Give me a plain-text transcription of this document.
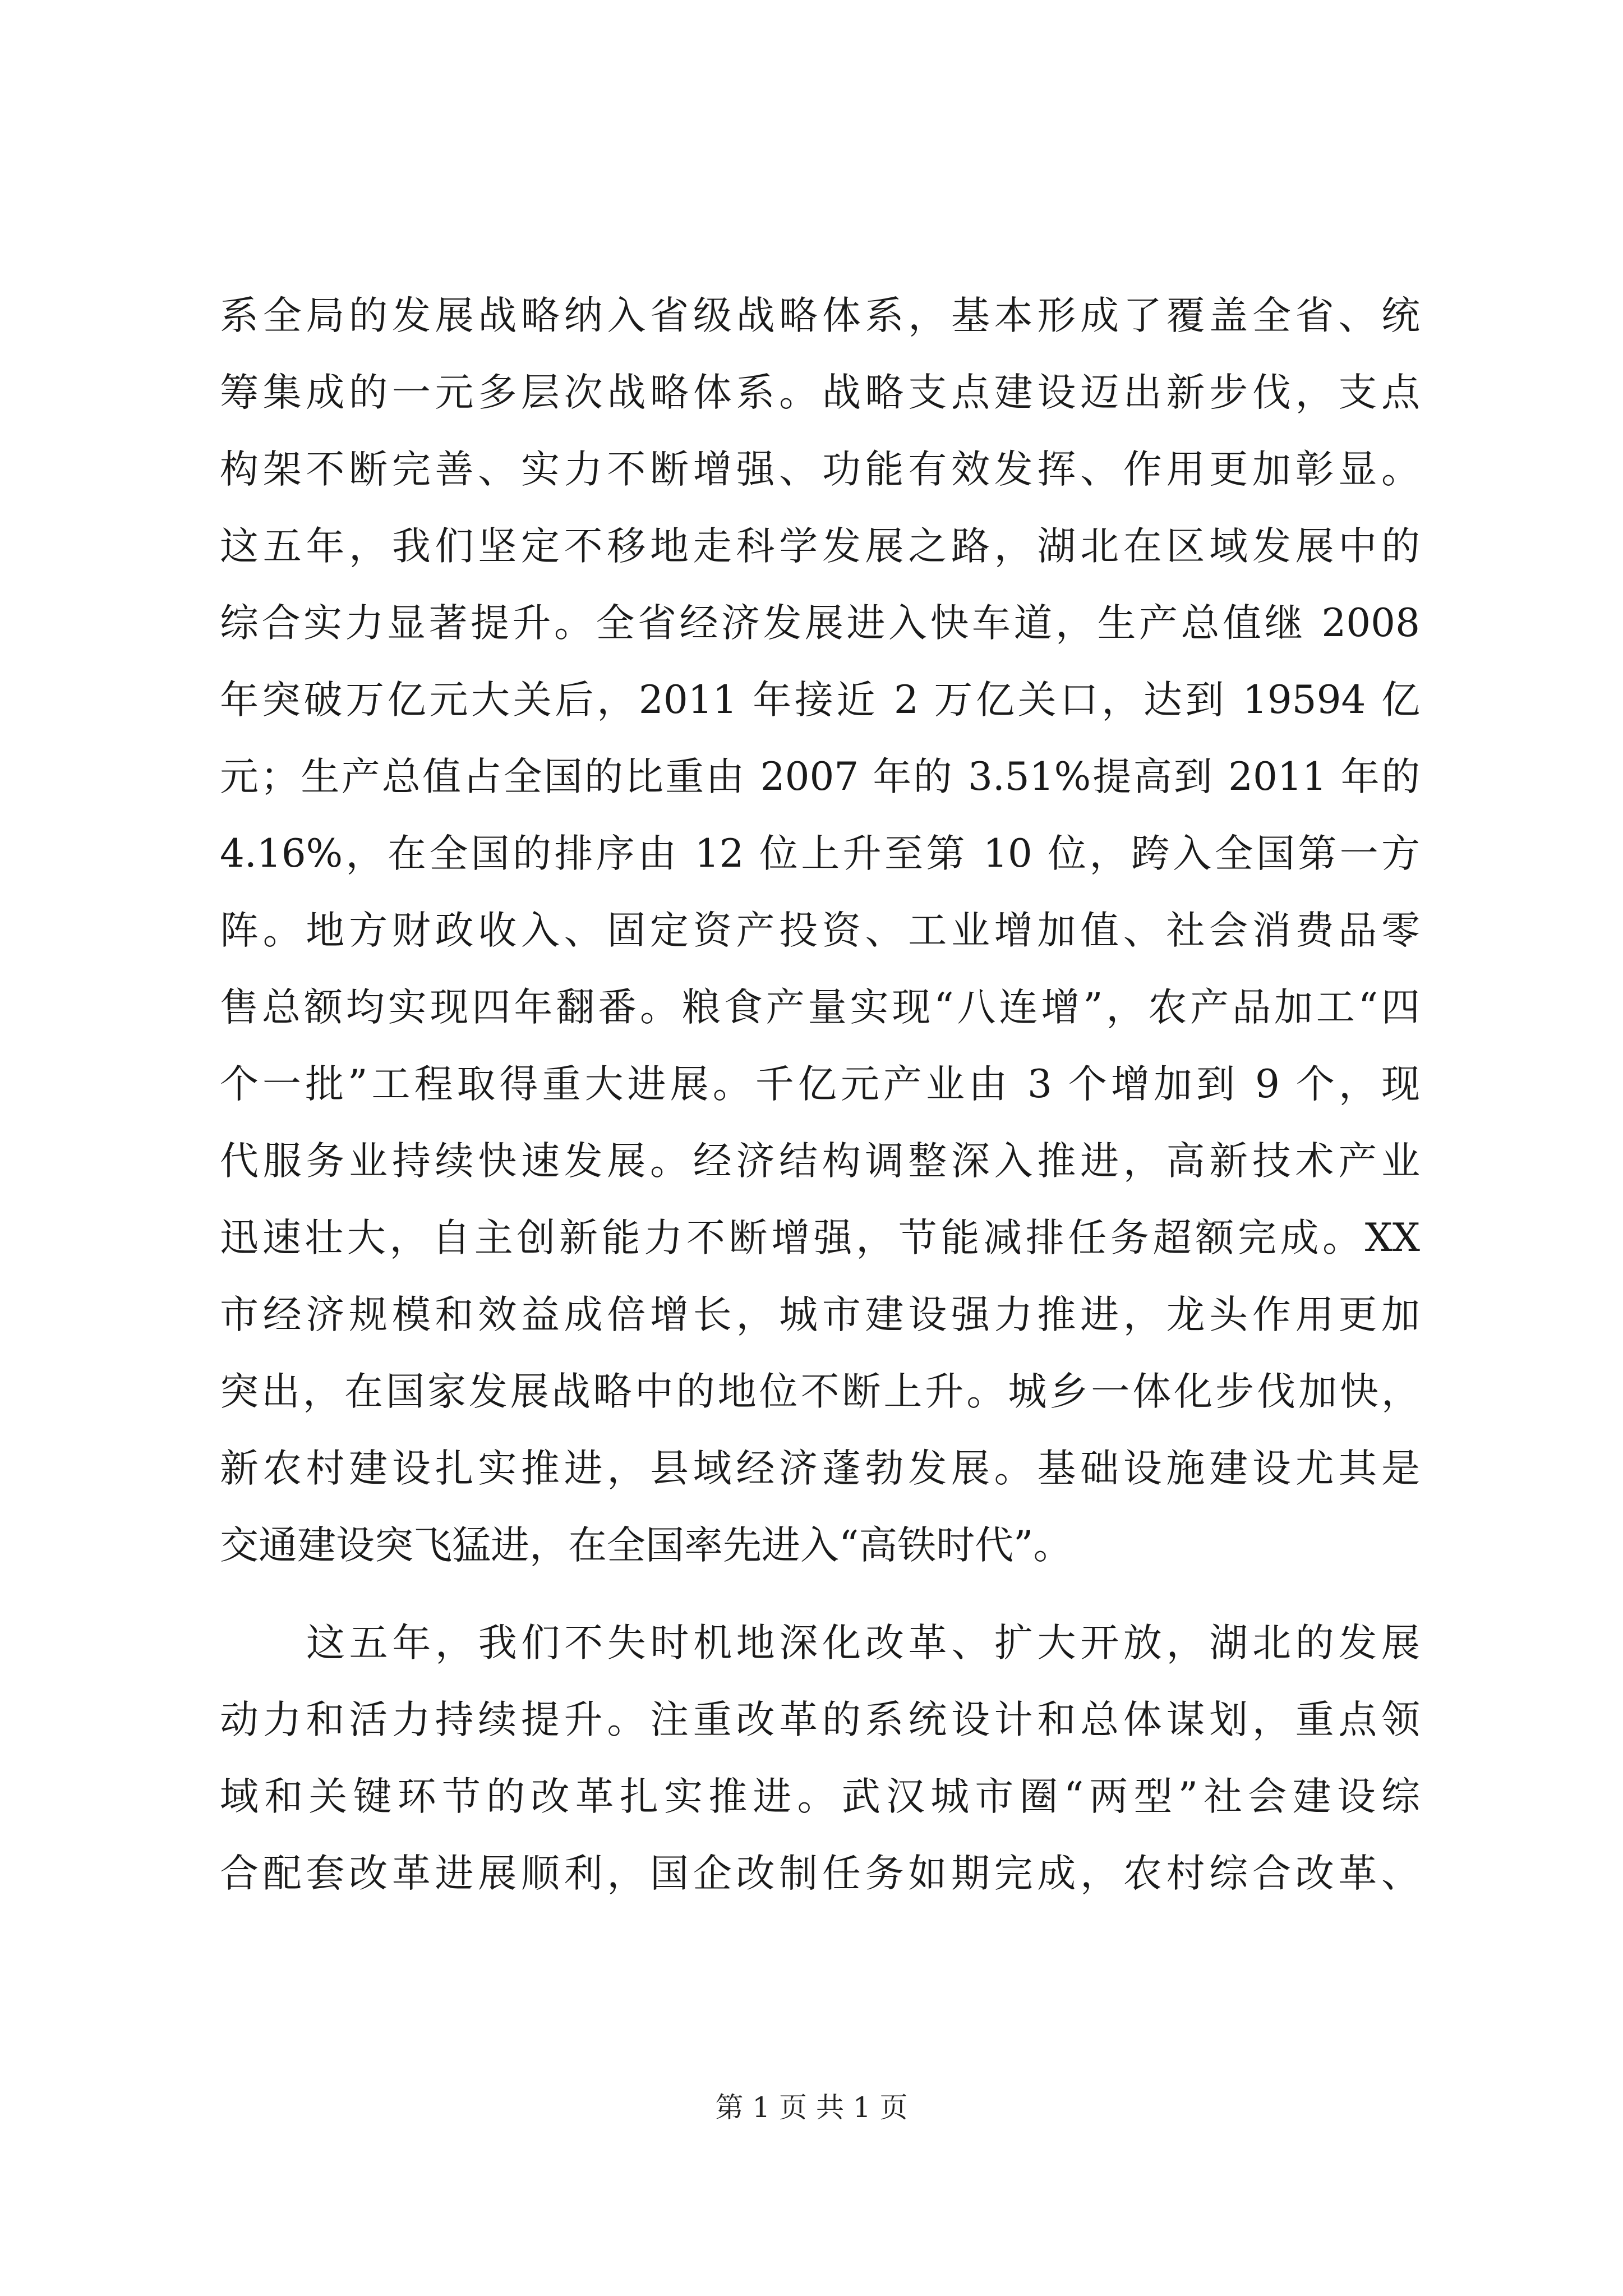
系全局的发展战略纳入省级战略体系，基本形成了覆盖全省、统
筹集成的一元多层次战略体系。战略支点建设迈出新步伐，支点
构架不断完善、实力不断增强、功能有效发挥、作用更加彰显。
这五年，我们坚定不移地走科学发展之路，湖北在区域发展中的
综合实力显著提升。全省经济发展进入快车道，生产总值继 2008
年突破万亿元大关后，2011 年接近 2 万亿关口，达到 19594 亿
元；生产总值占全国的比重由 2007 年的 3.51%提高到 2011 年的
4.16%，在全国的排序由 12 位上升至第 10 位，跨入全国第一方
阵。地方财政收入、固定资产投资、工业增加值、社会消费品零
售总额均实现四年翻番。粮食产量实现“八连增”，农产品加工“四
个一批”工程取得重大进展。千亿元产业由 3 个增加到 9 个，现
代服务业持续快速发展。经济结构调整深入推进，高新技术产业
迅速壮大，自主创新能力不断增强，节能减排任务超额完成。XX
市经济规模和效益成倍增长，城市建设强力推进，龙头作用更加
突出，在国家发展战略中的地位不断上升。城乡一体化步伐加快，
新农村建设扎实推进，县域经济蓬勃发展。基础设施建设尤其是
交通建设突飞猛进，在全国率先进入“高铁时代”。
这五年，我们不失时机地深化改革、扩大开放，湖北的发展
动力和活力持续提升。注重改革的系统设计和总体谋划，重点领
域和关键环节的改革扎实推进。武汉城市圈“两型”社会建设综
合配套改革进展顺利，国企改制任务如期完成，农村综合改革、
第 1 页 共 1 页
